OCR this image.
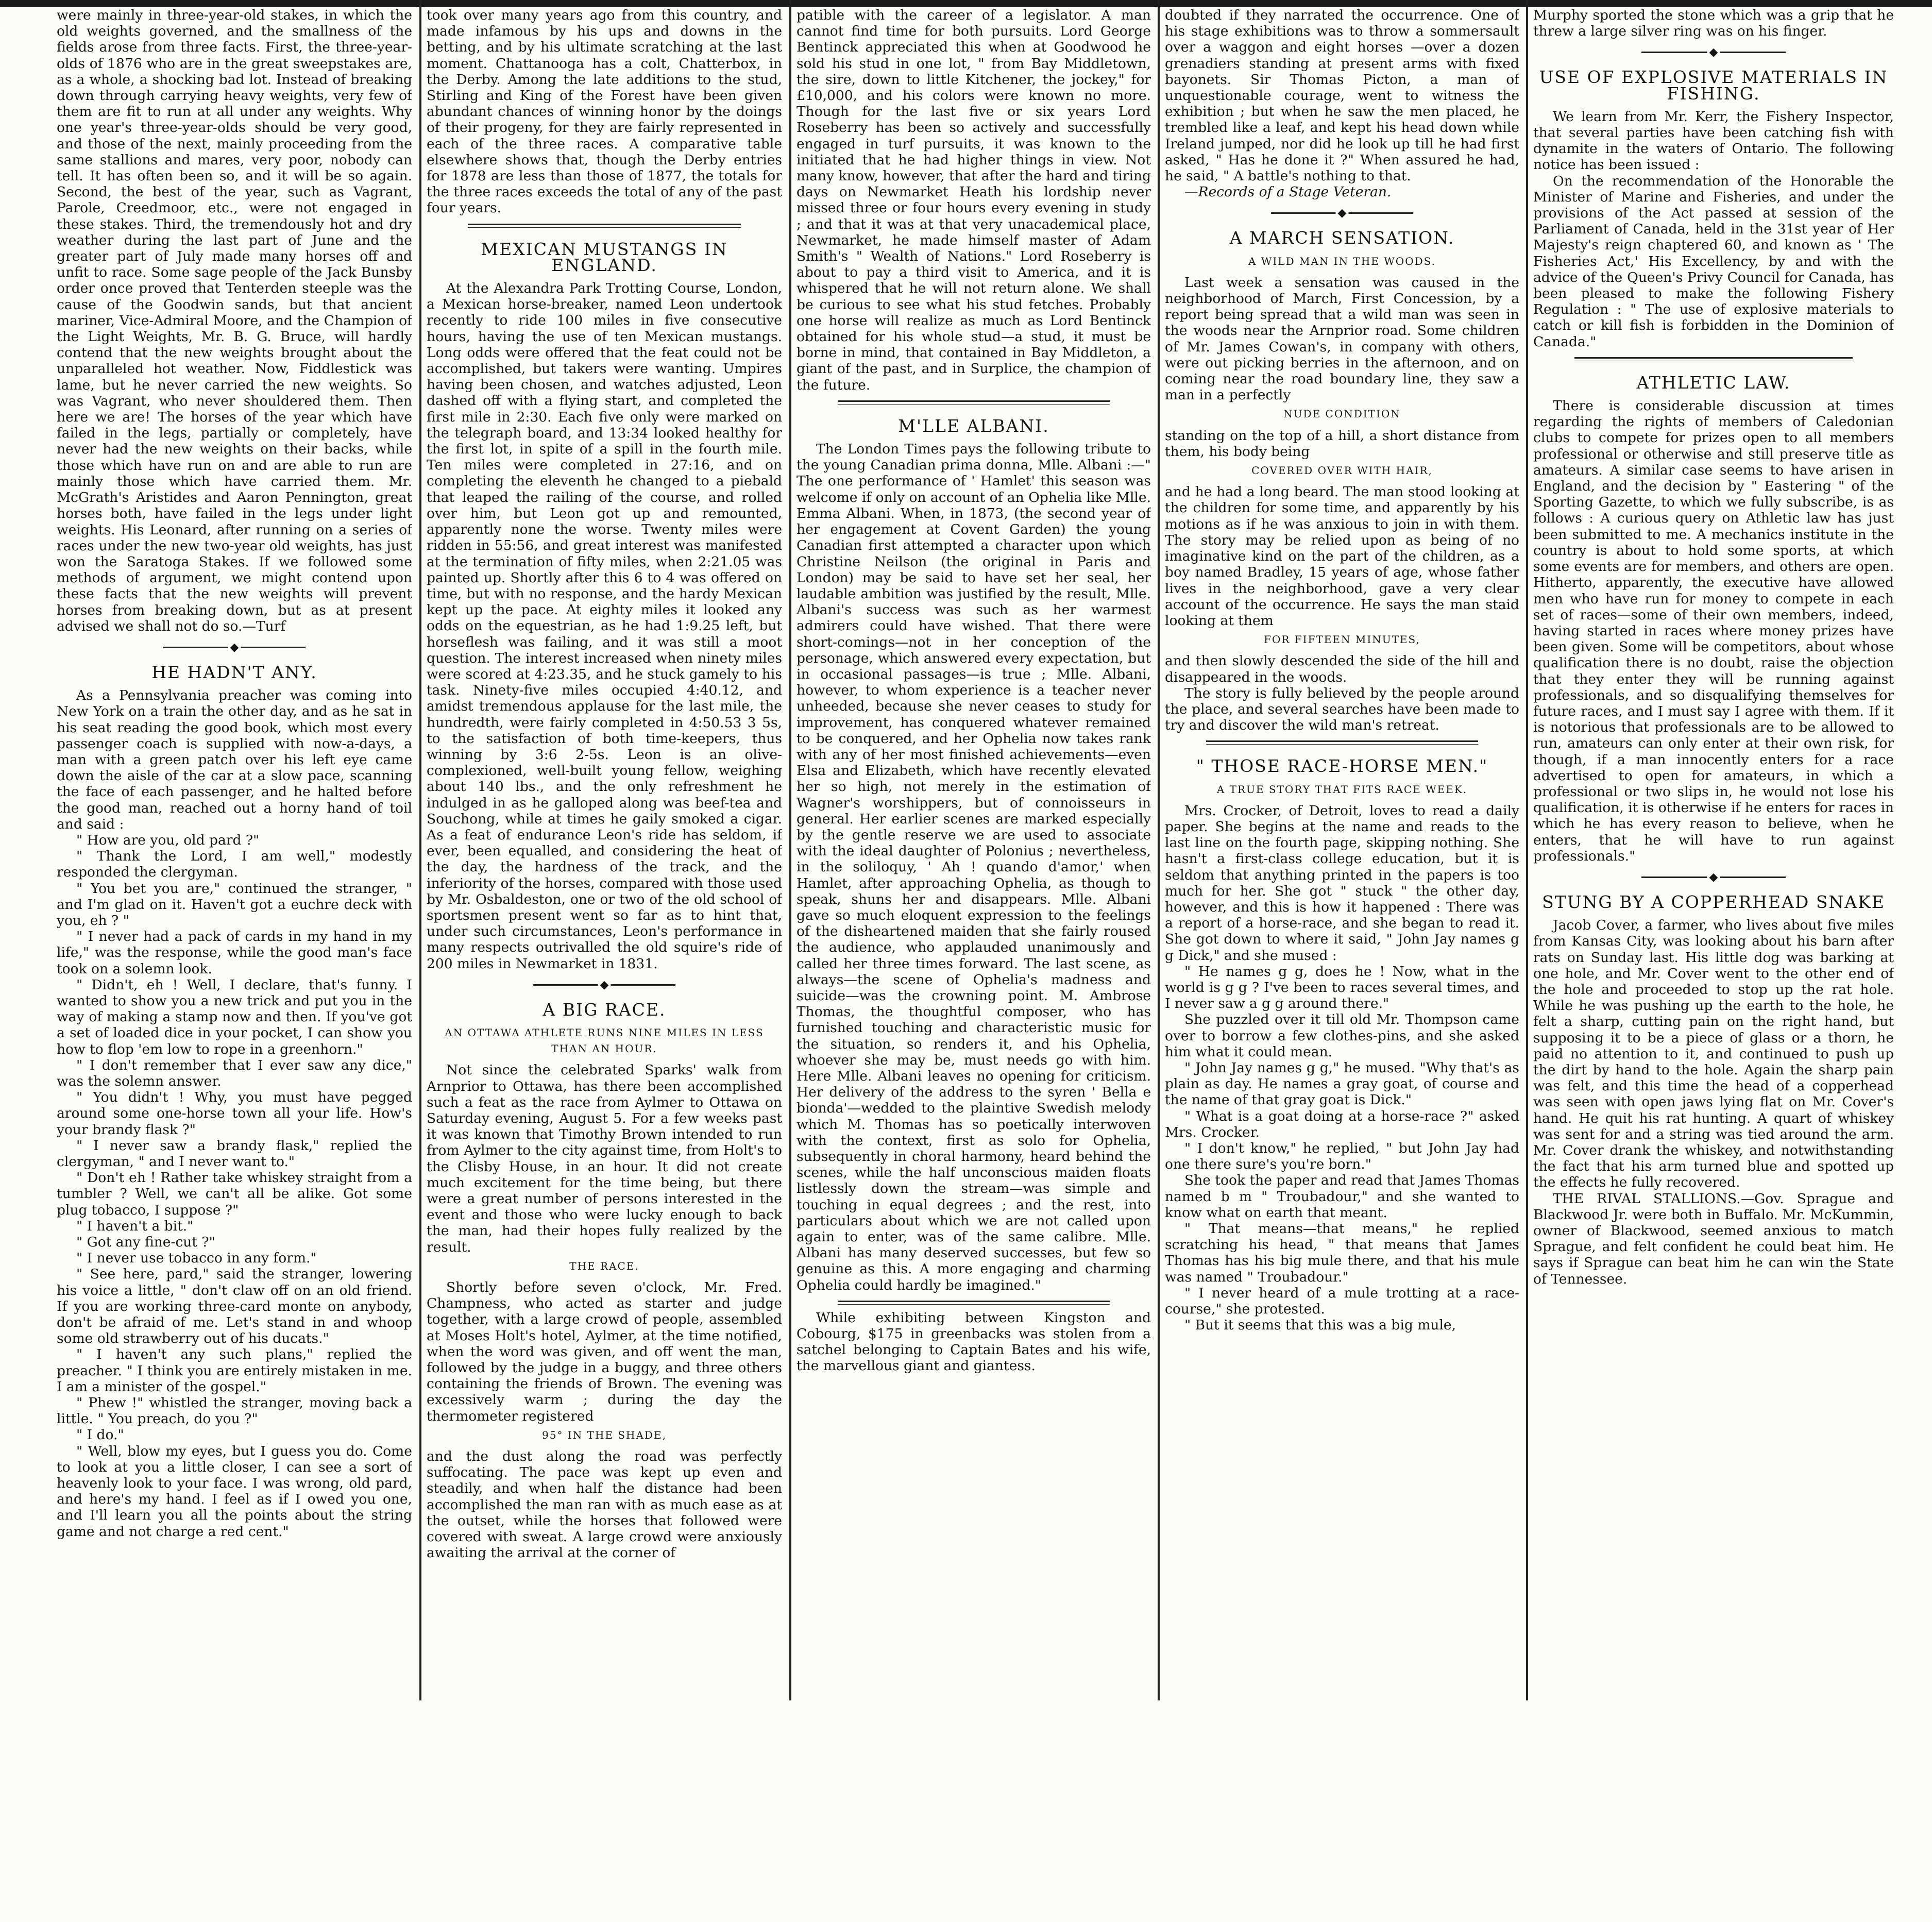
were mainly in three-year-old stakes, in which the old weights governed, and the smallness of the fields arose from three facts. First, the three-year-olds of 1876 who are in the great sweepstakes are, as a whole, a shocking bad lot. Instead of breaking down through carrying heavy weights, very few of them are fit to run at all under any weights. Why one year's three-year-olds should be very good, and those of the next, mainly proceeding from the same stallions and mares, very poor, nobody can tell. It has often been so, and it will be so again. Second, the best of the year, such as Vagrant, Parole, Creedmoor, etc., were not engaged in these stakes. Third, the tremendously hot and dry weather during the last part of June and the greater part of July made many horses off and unfit to race. Some sage people of the Jack Bunsby order once proved that Tenterden steeple was the cause of the Goodwin sands, but that ancient mariner, Vice-Admiral Moore, and the Champion of the Light Weights, Mr. B. G. Bruce, will hardly contend that the new weights brought about the unparalleled hot weather. Now, Fiddlestick was lame, but he never carried the new weights. So was Vagrant, who never shouldered them. Then here we are! The horses of the year which have failed in the legs, partially or completely, have never had the new weights on their backs, while those which have run on and are able to run are mainly those which have carried them. Mr. McGrath's Aristides and Aaron Pennington, great horses both, have failed in the legs under light weights. His Leonard, after running on a series of races under the new two-year old weights, has just won the Saratoga Stakes. If we followed some methods of argument, we might contend upon these facts that the new weights will prevent horses from breaking down, but as at present advised we shall not do so.—Turf

◆
HE HADN'T ANY.

As a Pennsylvania preacher was coming into New York on a train the other day, and as he sat in his seat reading the good book, which most every passenger coach is supplied with now-a-days, a man with a green patch over his left eye came down the aisle of the car at a slow pace, scanning the face of each passenger, and he halted before the good man, reached out a horny hand of toil and said :

" How are you, old pard ?"

" Thank the Lord, I am well," modestly responded the clergyman.

" You bet you are," continued the stranger, " and I'm glad on it. Haven't got a euchre deck with you, eh ? "

" I never had a pack of cards in my hand in my life," was the response, while the good man's face took on a solemn look.

" Didn't, eh ! Well, I declare, that's funny. I wanted to show you a new trick and put you in the way of making a stamp now and then. If you've got a set of loaded dice in your pocket, I can show you how to flop 'em low to rope in a greenhorn."

" I don't remember that I ever saw any dice," was the solemn answer.

" You didn't ! Why, you must have pegged around some one-horse town all your life. How's your brandy flask ?"

" I never saw a brandy flask," replied the clergyman, " and I never want to."

" Don't eh ! Rather take whiskey straight from a tumbler ? Well, we can't all be alike. Got some plug tobacco, I suppose ?"

" I haven't a bit."

" Got any fine-cut ?"

" I never use tobacco in any form."

" See here, pard," said the stranger, lowering his voice a little, " don't claw off on an old friend. If you are working three-card monte on anybody, don't be afraid of me. Let's stand in and whoop some old strawberry out of his ducats."

" I haven't any such plans," replied the preacher. " I think you are entirely mistaken in me. I am a minister of the gospel."

" Phew !" whistled the stranger, moving back a little. " You preach, do you ?"

" I do."

" Well, blow my eyes, but I guess you do. Come to look at you a little closer, I can see a sort of heavenly look to your face. I was wrong, old pard, and here's my hand. I feel as if I owed you one, and I'll learn you all the points about the string game and not charge a red cent."

took over many years ago from this country, and made infamous by his ups and downs in the betting, and by his ultimate scratching at the last moment. Chattanooga has a colt, Chatterbox, in the Derby. Among the late additions to the stud, Stirling and King of the Forest have been given abundant chances of winning honor by the doings of their progeny, for they are fairly represented in each of the three races. A comparative table elsewhere shows that, though the Derby entries for 1878 are less than those of 1877, the totals for the three races exceeds the total of any of the past four years.

MEXICAN MUSTANGS IN ENGLAND.

At the Alexandra Park Trotting Course, London, a Mexican horse-breaker, named Leon undertook recently to ride 100 miles in five consecutive hours, having the use of ten Mexican mustangs. Long odds were offered that the feat could not be accomplished, but takers were wanting. Umpires having been chosen, and watches adjusted, Leon dashed off with a flying start, and completed the first mile in 2:30. Each five only were marked on the telegraph board, and 13:34 looked healthy for the first lot, in spite of a spill in the fourth mile. Ten miles were completed in 27:16, and on completing the eleventh he changed to a piebald that leaped the railing of the course, and rolled over him, but Leon got up and remounted, apparently none the worse. Twenty miles were ridden in 55:56, and great interest was manifested at the termination of fifty miles, when 2:21.05 was painted up. Shortly after this 6 to 4 was offered on time, but with no response, and the hardy Mexican kept up the pace. At eighty miles it looked any odds on the equestrian, as he had 1:9.25 left, but horseflesh was failing, and it was still a moot question. The interest increased when ninety miles were scored at 4:23.35, and he stuck gamely to his task. Ninety-five miles occupied 4:40.12, and amidst tremendous applause for the last mile, the hundredth, were fairly completed in 4:50.53 3 5s, to the satisfaction of both time-keepers, thus winning by 3:6 2-5s. Leon is an olive-complexioned, well-built young fellow, weighing about 140 lbs., and the only refreshment he indulged in as he galloped along was beef-tea and Souchong, while at times he gaily smoked a cigar. As a feat of endurance Leon's ride has seldom, if ever, been equalled, and considering the heat of the day, the hardness of the track, and the inferiority of the horses, compared with those used by Mr. Osbaldeston, one or two of the old school of sportsmen present went so far as to hint that, under such circumstances, Leon's performance in many respects outrivalled the old squire's ride of 200 miles in Newmarket in 1831.

◆
A BIG RACE.
AN OTTAWA ATHLETE RUNS NINE MILES IN LESS THAN AN HOUR.

Not since the celebrated Sparks' walk from Arnprior to Ottawa, has there been accomplished such a feat as the race from Aylmer to Ottawa on Saturday evening, August 5. For a few weeks past it was known that Timothy Brown intended to run from Aylmer to the city against time, from Holt's to the Clisby House, in an hour. It did not create much excitement for the time being, but there were a great number of persons interested in the event and those who were lucky enough to back the man, had their hopes fully realized by the result.

THE RACE.

Shortly before seven o'clock, Mr. Fred. Champness, who acted as starter and judge together, with a large crowd of people, assembled at Moses Holt's hotel, Aylmer, at the time notified, when the word was given, and off went the man, followed by the judge in a buggy, and three others containing the friends of Brown. The evening was excessively warm ; during the day the thermometer registered

95° IN THE SHADE,

and the dust along the road was perfectly suffocating. The pace was kept up even and steadily, and when half the distance had been accomplished the man ran with as much ease as at the outset, while the horses that followed were covered with sweat. A large crowd were anxiously awaiting the arrival at the corner of

patible with the career of a legislator. A man cannot find time for both pursuits. Lord George Bentinck appreciated this when at Goodwood he sold his stud in one lot, " from Bay Middletown, the sire, down to little Kitchener, the jockey," for £10,000, and his colors were known no more. Though for the last five or six years Lord Roseberry has been so actively and successfully engaged in turf pursuits, it was known to the initiated that he had higher things in view. Not many know, however, that after the hard and tiring days on Newmarket Heath his lordship never missed three or four hours every evening in study ; and that it was at that very unacademical place, Newmarket, he made himself master of Adam Smith's " Wealth of Nations." Lord Roseberry is about to pay a third visit to America, and it is whispered that he will not return alone. We shall be curious to see what his stud fetches. Probably one horse will realize as much as Lord Bentinck obtained for his whole stud—a stud, it must be borne in mind, that contained in Bay Middleton, a giant of the past, and in Surplice, the champion of the future.

M'LLE ALBANI.

The London Times pays the following tribute to the young Canadian prima donna, Mlle. Albani :—" The one performance of ' Hamlet' this season was welcome if only on account of an Ophelia like Mlle. Emma Albani. When, in 1873, (the second year of her engagement at Covent Garden) the young Canadian first attempted a character upon which Christine Neilson (the original in Paris and London) may be said to have set her seal, her laudable ambition was justified by the result, Mlle. Albani's success was such as her warmest admirers could have wished. That there were short-comings—not in her conception of the personage, which answered every expectation, but in occasional passages—is true ; Mlle. Albani, however, to whom experience is a teacher never unheeded, because she never ceases to study for improvement, has conquered whatever remained to be conquered, and her Ophelia now takes rank with any of her most finished achievements—even Elsa and Elizabeth, which have recently elevated her so high, not merely in the estimation of Wagner's worshippers, but of connoisseurs in general. Her earlier scenes are marked especially by the gentle reserve we are used to associate with the ideal daughter of Polonius ; nevertheless, in the soliloquy, ' Ah ! quando d'amor,' when Hamlet, after approaching Ophelia, as though to speak, shuns her and disappears. Mlle. Albani gave so much eloquent expression to the feelings of the disheartened maiden that she fairly roused the audience, who applauded unanimously and called her three times forward. The last scene, as always—the scene of Ophelia's madness and suicide—was the crowning point. M. Ambrose Thomas, the thoughtful composer, who has furnished touching and characteristic music for the situation, so renders it, and his Ophelia, whoever she may be, must needs go with him. Here Mlle. Albani leaves no opening for criticism. Her delivery of the address to the syren ' Bella e bionda'—wedded to the plaintive Swedish melody which M. Thomas has so poetically interwoven with the context, first as solo for Ophelia, subsequently in choral harmony, heard behind the scenes, while the half unconscious maiden floats listlessly down the stream—was simple and touching in equal degrees ; and the rest, into particulars about which we are not called upon again to enter, was of the same calibre. Mlle. Albani has many deserved successes, but few so genuine as this. A more engaging and charming Ophelia could hardly be imagined."

While exhibiting between Kingston and Cobourg, $175 in greenbacks was stolen from a satchel belonging to Captain Bates and his wife, the marvellous giant and giantess.

doubted if they narrated the occurrence. One of his stage exhibitions was to throw a sommersault over a waggon and eight horses —over a dozen grenadiers standing at present arms with fixed bayonets. Sir Thomas Picton, a man of unquestionable courage, went to witness the exhibition ; but when he saw the men placed, he trembled like a leaf, and kept his head down while Ireland jumped, nor did he look up till he had first asked, " Has he done it ?" When assured he had, he said, " A battle's nothing to that.

—Records of a Stage Veteran.

◆
A MARCH SENSATION.
A WILD MAN IN THE WOODS.

Last week a sensation was caused in the neighborhood of March, First Concession, by a report being spread that a wild man was seen in the woods near the Arnprior road. Some children of Mr. James Cowan's, in company with others, were out picking berries in the afternoon, and on coming near the road boundary line, they saw a man in a perfectly

NUDE CONDITION

standing on the top of a hill, a short distance from them, his body being

COVERED OVER WITH HAIR,

and he had a long beard. The man stood looking at the children for some time, and apparently by his motions as if he was anxious to join in with them. The story may be relied upon as being of no imaginative kind on the part of the children, as a boy named Bradley, 15 years of age, whose father lives in the neighborhood, gave a very clear account of the occurrence. He says the man staid looking at them

FOR FIFTEEN MINUTES,

and then slowly descended the side of the hill and disappeared in the woods.

The story is fully believed by the people around the place, and several searches have been made to try and discover the wild man's retreat.

" THOSE RACE-HORSE MEN."
A TRUE STORY THAT FITS RACE WEEK.

Mrs. Crocker, of Detroit, loves to read a daily paper. She begins at the name and reads to the last line on the fourth page, skipping nothing. She hasn't a first-class college education, but it is seldom that anything printed in the papers is too much for her. She got " stuck " the other day, however, and this is how it happened : There was a report of a horse-race, and she began to read it. She got down to where it said, " John Jay names g g Dick," and she mused :

" He names g g, does he ! Now, what in the world is g g ? I've been to races several times, and I never saw a g g around there."

She puzzled over it till old Mr. Thompson came over to borrow a few clothes-pins, and she asked him what it could mean.

" John Jay names g g," he mused. "Why that's as plain as day. He names a gray goat, of course and the name of that gray goat is Dick."

" What is a goat doing at a horse-race ?" asked Mrs. Crocker.

" I don't know," he replied, " but John Jay had one there sure's you're born."

She took the paper and read that James Thomas named b m " Troubadour," and she wanted to know what on earth that meant.

" That means—that means," he replied scratching his head, " that means that James Thomas has his big mule there, and that his mule was named " Troubadour."

" I never heard of a mule trotting at a race-course," she protested.

" But it seems that this was a big mule,

Murphy sported the stone which was a grip that he threw a large silver ring was on his finger.

◆
USE OF EXPLOSIVE MATERIALS IN FISHING.

We learn from Mr. Kerr, the Fishery Inspector, that several parties have been catching fish with dynamite in the waters of Ontario. The following notice has been issued :

On the recommendation of the Honorable the Minister of Marine and Fisheries, and under the provisions of the Act passed at session of the Parliament of Canada, held in the 31st year of Her Majesty's reign chaptered 60, and known as ' The Fisheries Act,' His Excellency, by and with the advice of the Queen's Privy Council for Canada, has been pleased to make the following Fishery Regulation : " The use of explosive materials to catch or kill fish is forbidden in the Dominion of Canada."

ATHLETIC LAW.

There is considerable discussion at times regarding the rights of members of Caledonian clubs to compete for prizes open to all members professional or otherwise and still preserve title as amateurs. A similar case seems to have arisen in England, and the decision by " Eastering " of the Sporting Gazette, to which we fully subscribe, is as follows : A curious query on Athletic law has just been submitted to me. A mechanics institute in the country is about to hold some sports, at which some events are for members, and others are open. Hitherto, apparently, the executive have allowed men who have run for money to compete in each set of races—some of their own members, indeed, having started in races where money prizes have been given. Some will be competitors, about whose qualification there is no doubt, raise the objection that they enter they will be running against professionals, and so disqualifying themselves for future races, and I must say I agree with them. If it is notorious that professionals are to be allowed to run, amateurs can only enter at their own risk, for though, if a man innocently enters for a race advertised to open for amateurs, in which a professional or two slips in, he would not lose his qualification, it is otherwise if he enters for races in which he has every reason to believe, when he enters, that he will have to run against professionals."

◆
STUNG BY A COPPERHEAD SNAKE

Jacob Cover, a farmer, who lives about five miles from Kansas City, was looking about his barn after rats on Sunday last. His little dog was barking at one hole, and Mr. Cover went to the other end of the hole and proceeded to stop up the rat hole. While he was pushing up the earth to the hole, he felt a sharp, cutting pain on the right hand, but supposing it to be a piece of glass or a thorn, he paid no attention to it, and continued to push up the dirt by hand to the hole. Again the sharp pain was felt, and this time the head of a copperhead was seen with open jaws lying flat on Mr. Cover's hand. He quit his rat hunting. A quart of whiskey was sent for and a string was tied around the arm. Mr. Cover drank the whiskey, and notwithstanding the fact that his arm turned blue and spotted up the effects he fully recovered.

THE RIVAL STALLIONS.—Gov. Sprague and Blackwood Jr. were both in Buffalo. Mr. McKummin, owner of Blackwood, seemed anxious to match Sprague, and felt confident he could beat him. He says if Sprague can beat him he can win the State of Tennessee.
